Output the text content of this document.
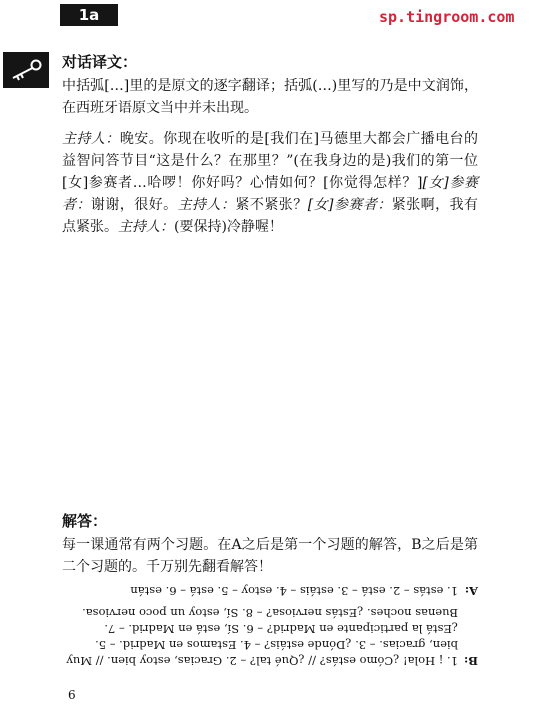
1a	sp.tingroom.com
对话译文：

中括弧[…]里的是原文的逐字翻译；括弧(…)里写的乃是中文润饰，在西班牙语原文当中并未出现。

主持人：晚安。你现在收听的是[我们在]马德里大都会广播电台的益智问答节目“这是什么？在那里？”(在我身边的是)我们的第一位[女]参赛者…哈啰！你好吗？心情如何？[你觉得怎样？][女]参赛者：谢谢，很好。主持人：紧不紧张？[女]参赛者：紧张啊，我有点紧张。主持人：(要保持)冷静喔！

解答：

每一课通常有两个习题。在A之后是第一个习题的解答，B之后是第二个习题的。千万别先翻看解答！

B:
1. ¡ Hola! ¿Cómo estás? // ¿Qué tal? – 2. Gracias, estoy bien. // Muy bien, gracias. – 3. ¿Dónde estáis? – 4. Estamos en Madrid. – 5. ¿Está la participante en Madrid? – 6. Sí, está en Madrid. – 7. Buenas noches. ¿Estás nerviosa? – 8. Sí, estoy un poco nerviosa.
A:
1. estás – 2. está – 3. estáis – 4. estoy – 5. está – 6. están
6
